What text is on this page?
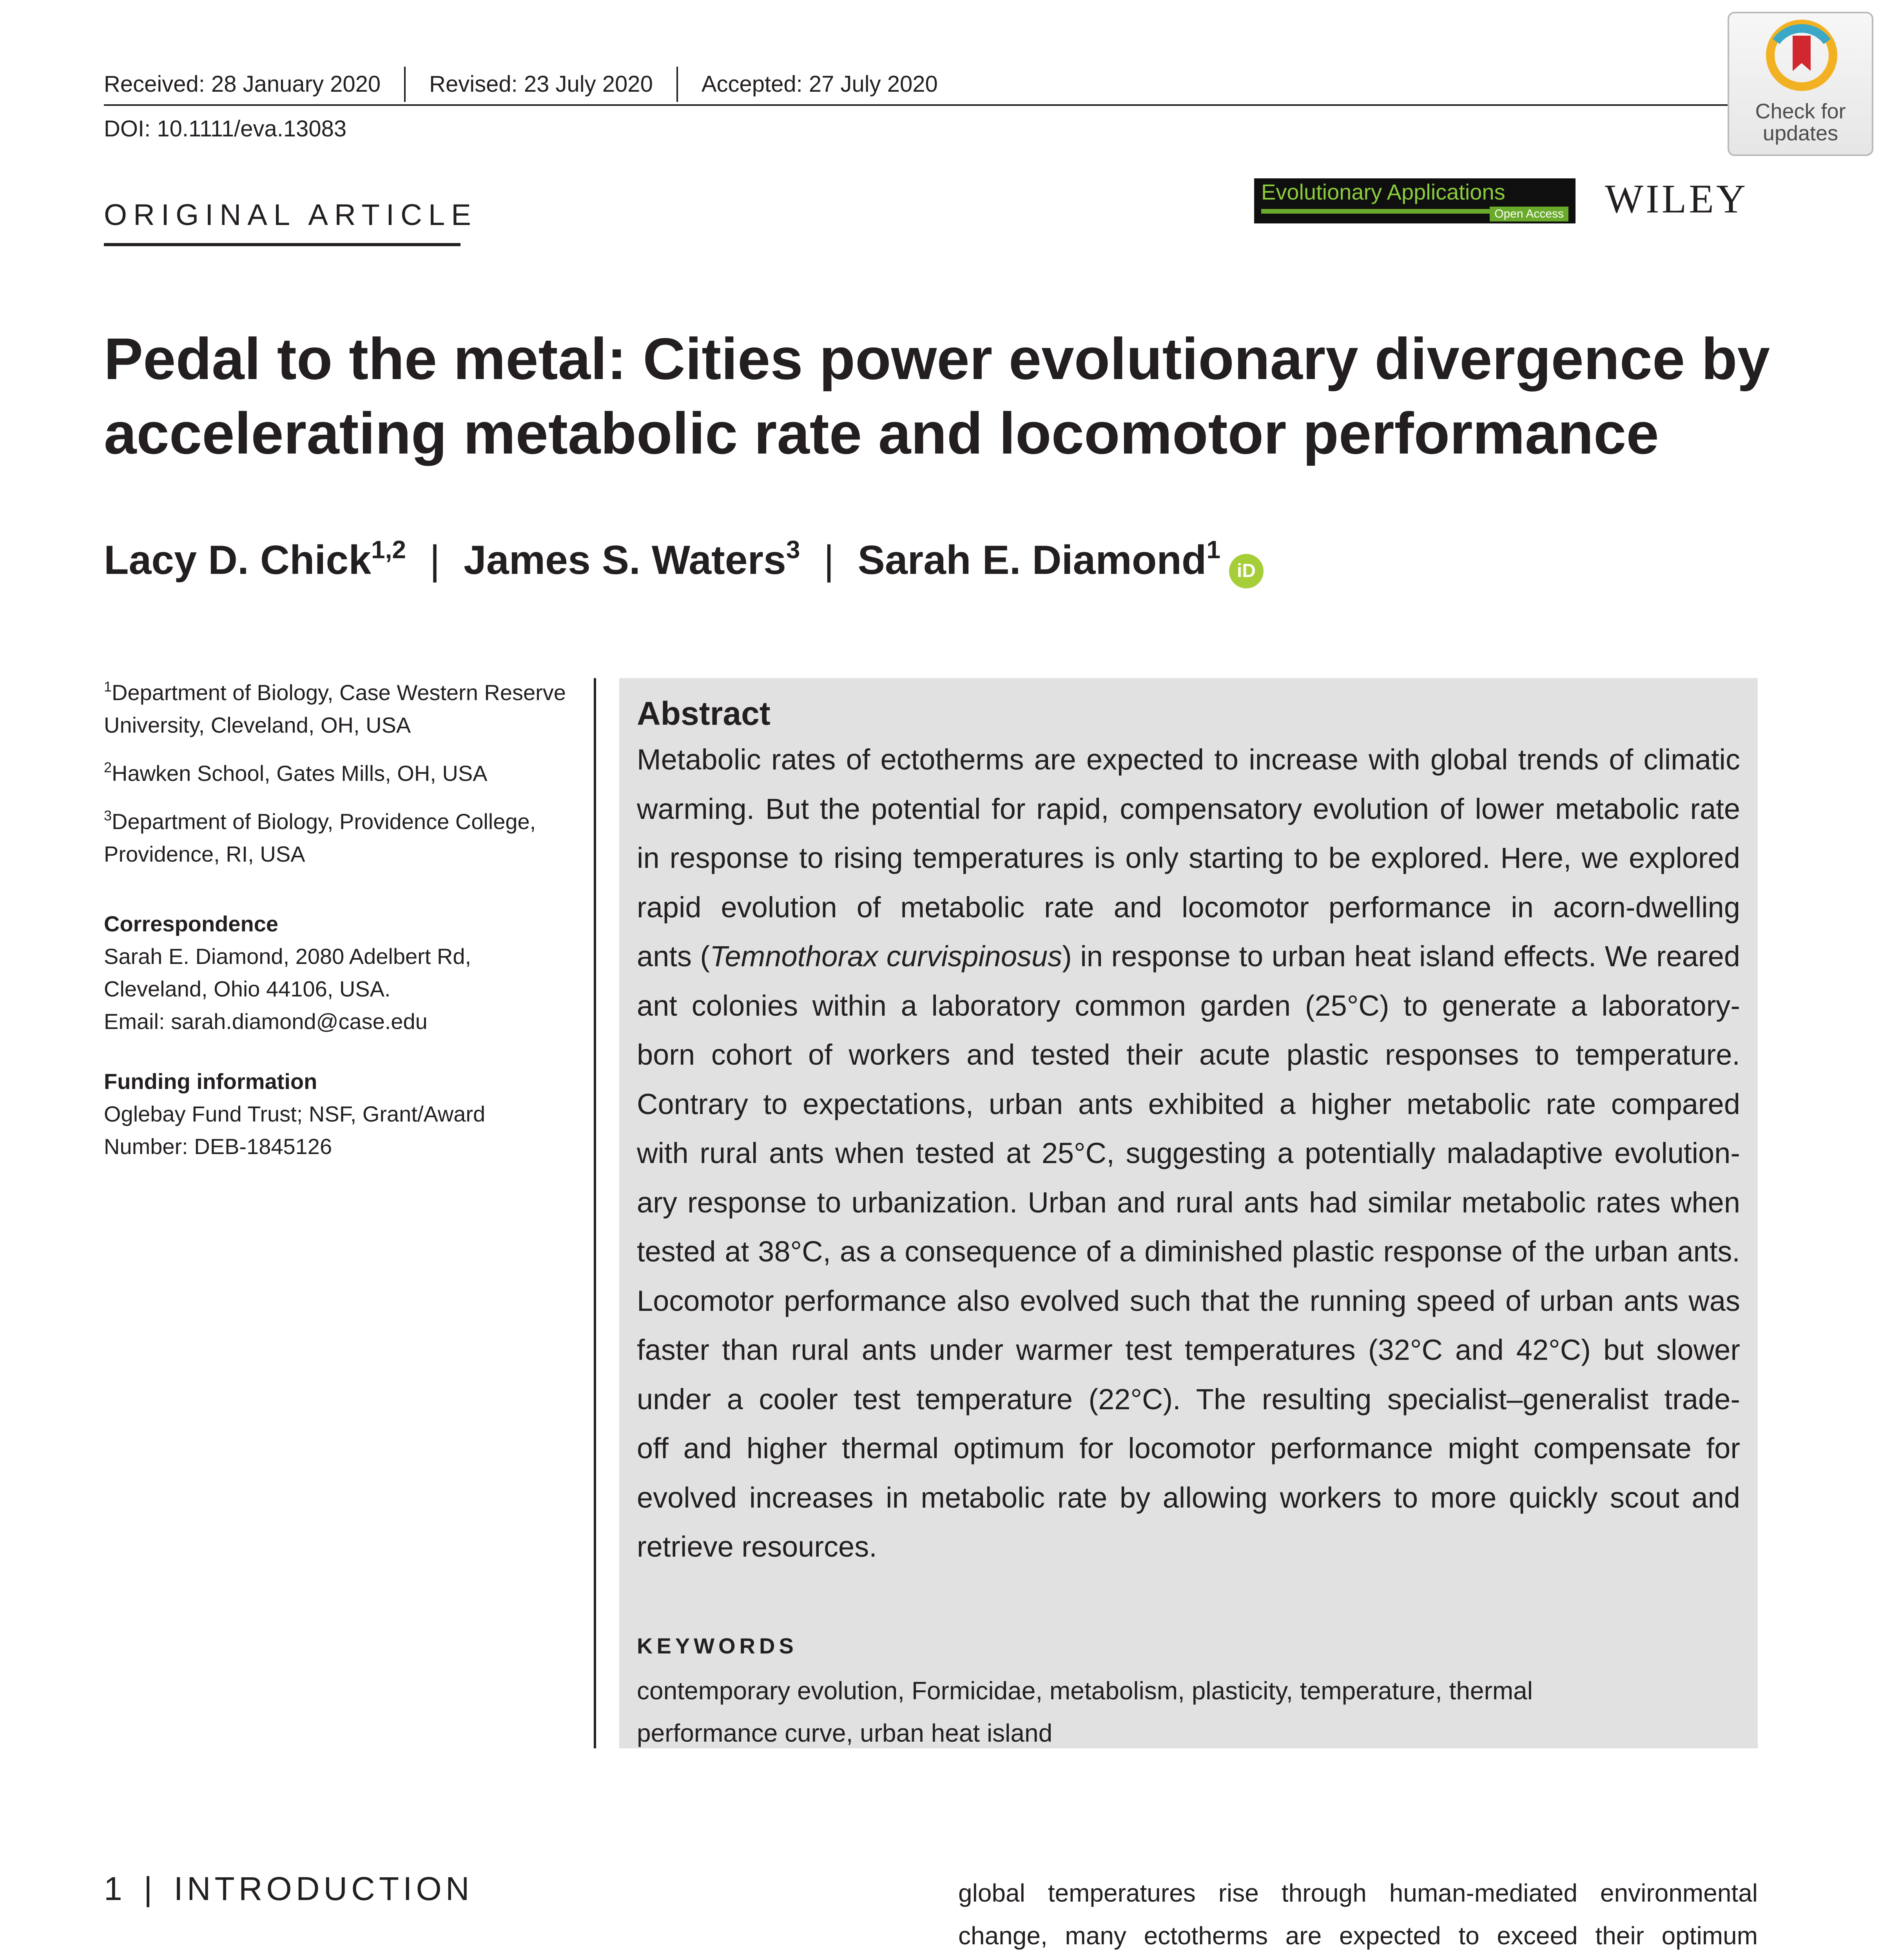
Received: 28 January 2020	Revised: 23 July 2020	Accepted: 27 July 2020
DOI: 10.1111/eva.13083
Check for
updates
ORIGINAL ARTICLE
Evolutionary Applications
Open Access WILEY
Pedal to the metal: Cities power evolutionary divergence by
accelerating metabolic rate and locomotor performance
Lacy D. Chick$^{1,2}$ | James S. Waters$^3$ | Sarah E. Diamond$^1$
iD
$^1$Department of Biology, Case Western Reserve University, Cleveland, OH, USA
$^2$Hawken School, Gates Mills, OH, USA
$^3$Department of Biology, Providence College, Providence, RI, USA
Correspondence
Sarah E. Diamond, 2080 Adelbert Rd,
Cleveland, Ohio 44106, USA.
Email: sarah.diamond@case.edu
Funding information
Oglebay Fund Trust; NSF, Grant/Award
Number: DEB-1845126
Abstract
Metabolic rates of ectotherms are expected to increase with global trends of climatic
warming. But the potential for rapid, compensatory evolution of lower metabolic rate
in response to rising temperatures is only starting to be explored. Here, we explored
rapid evolution of metabolic rate and locomotor performance in acorn-dwelling
ants (Temnothorax curvispinosus) in response to urban heat island effects. We reared
ant colonies within a laboratory common garden (25°C) to generate a laboratory-
born cohort of workers and tested their acute plastic responses to temperature.
Contrary to expectations, urban ants exhibited a higher metabolic rate compared
with rural ants when tested at 25°C, suggesting a potentially maladaptive evolution-
ary response to urbanization. Urban and rural ants had similar metabolic rates when
tested at 38°C, as a consequence of a diminished plastic response of the urban ants.
Locomotor performance also evolved such that the running speed of urban ants was
faster than rural ants under warmer test temperatures (32°C and 42°C) but slower
under a cooler test temperature (22°C). The resulting specialist–generalist trade-
off and higher thermal optimum for locomotor performance might compensate for
evolved increases in metabolic rate by allowing workers to more quickly scout and
retrieve resources.
KEYWORDS
contemporary evolution, Formicidae, metabolism, plasticity, temperature, thermal
performance curve, urban heat island
1 | INTRODUCTION	global temperatures rise through human-mediated environmental
change, many ectotherms are expected to exceed their optimum
